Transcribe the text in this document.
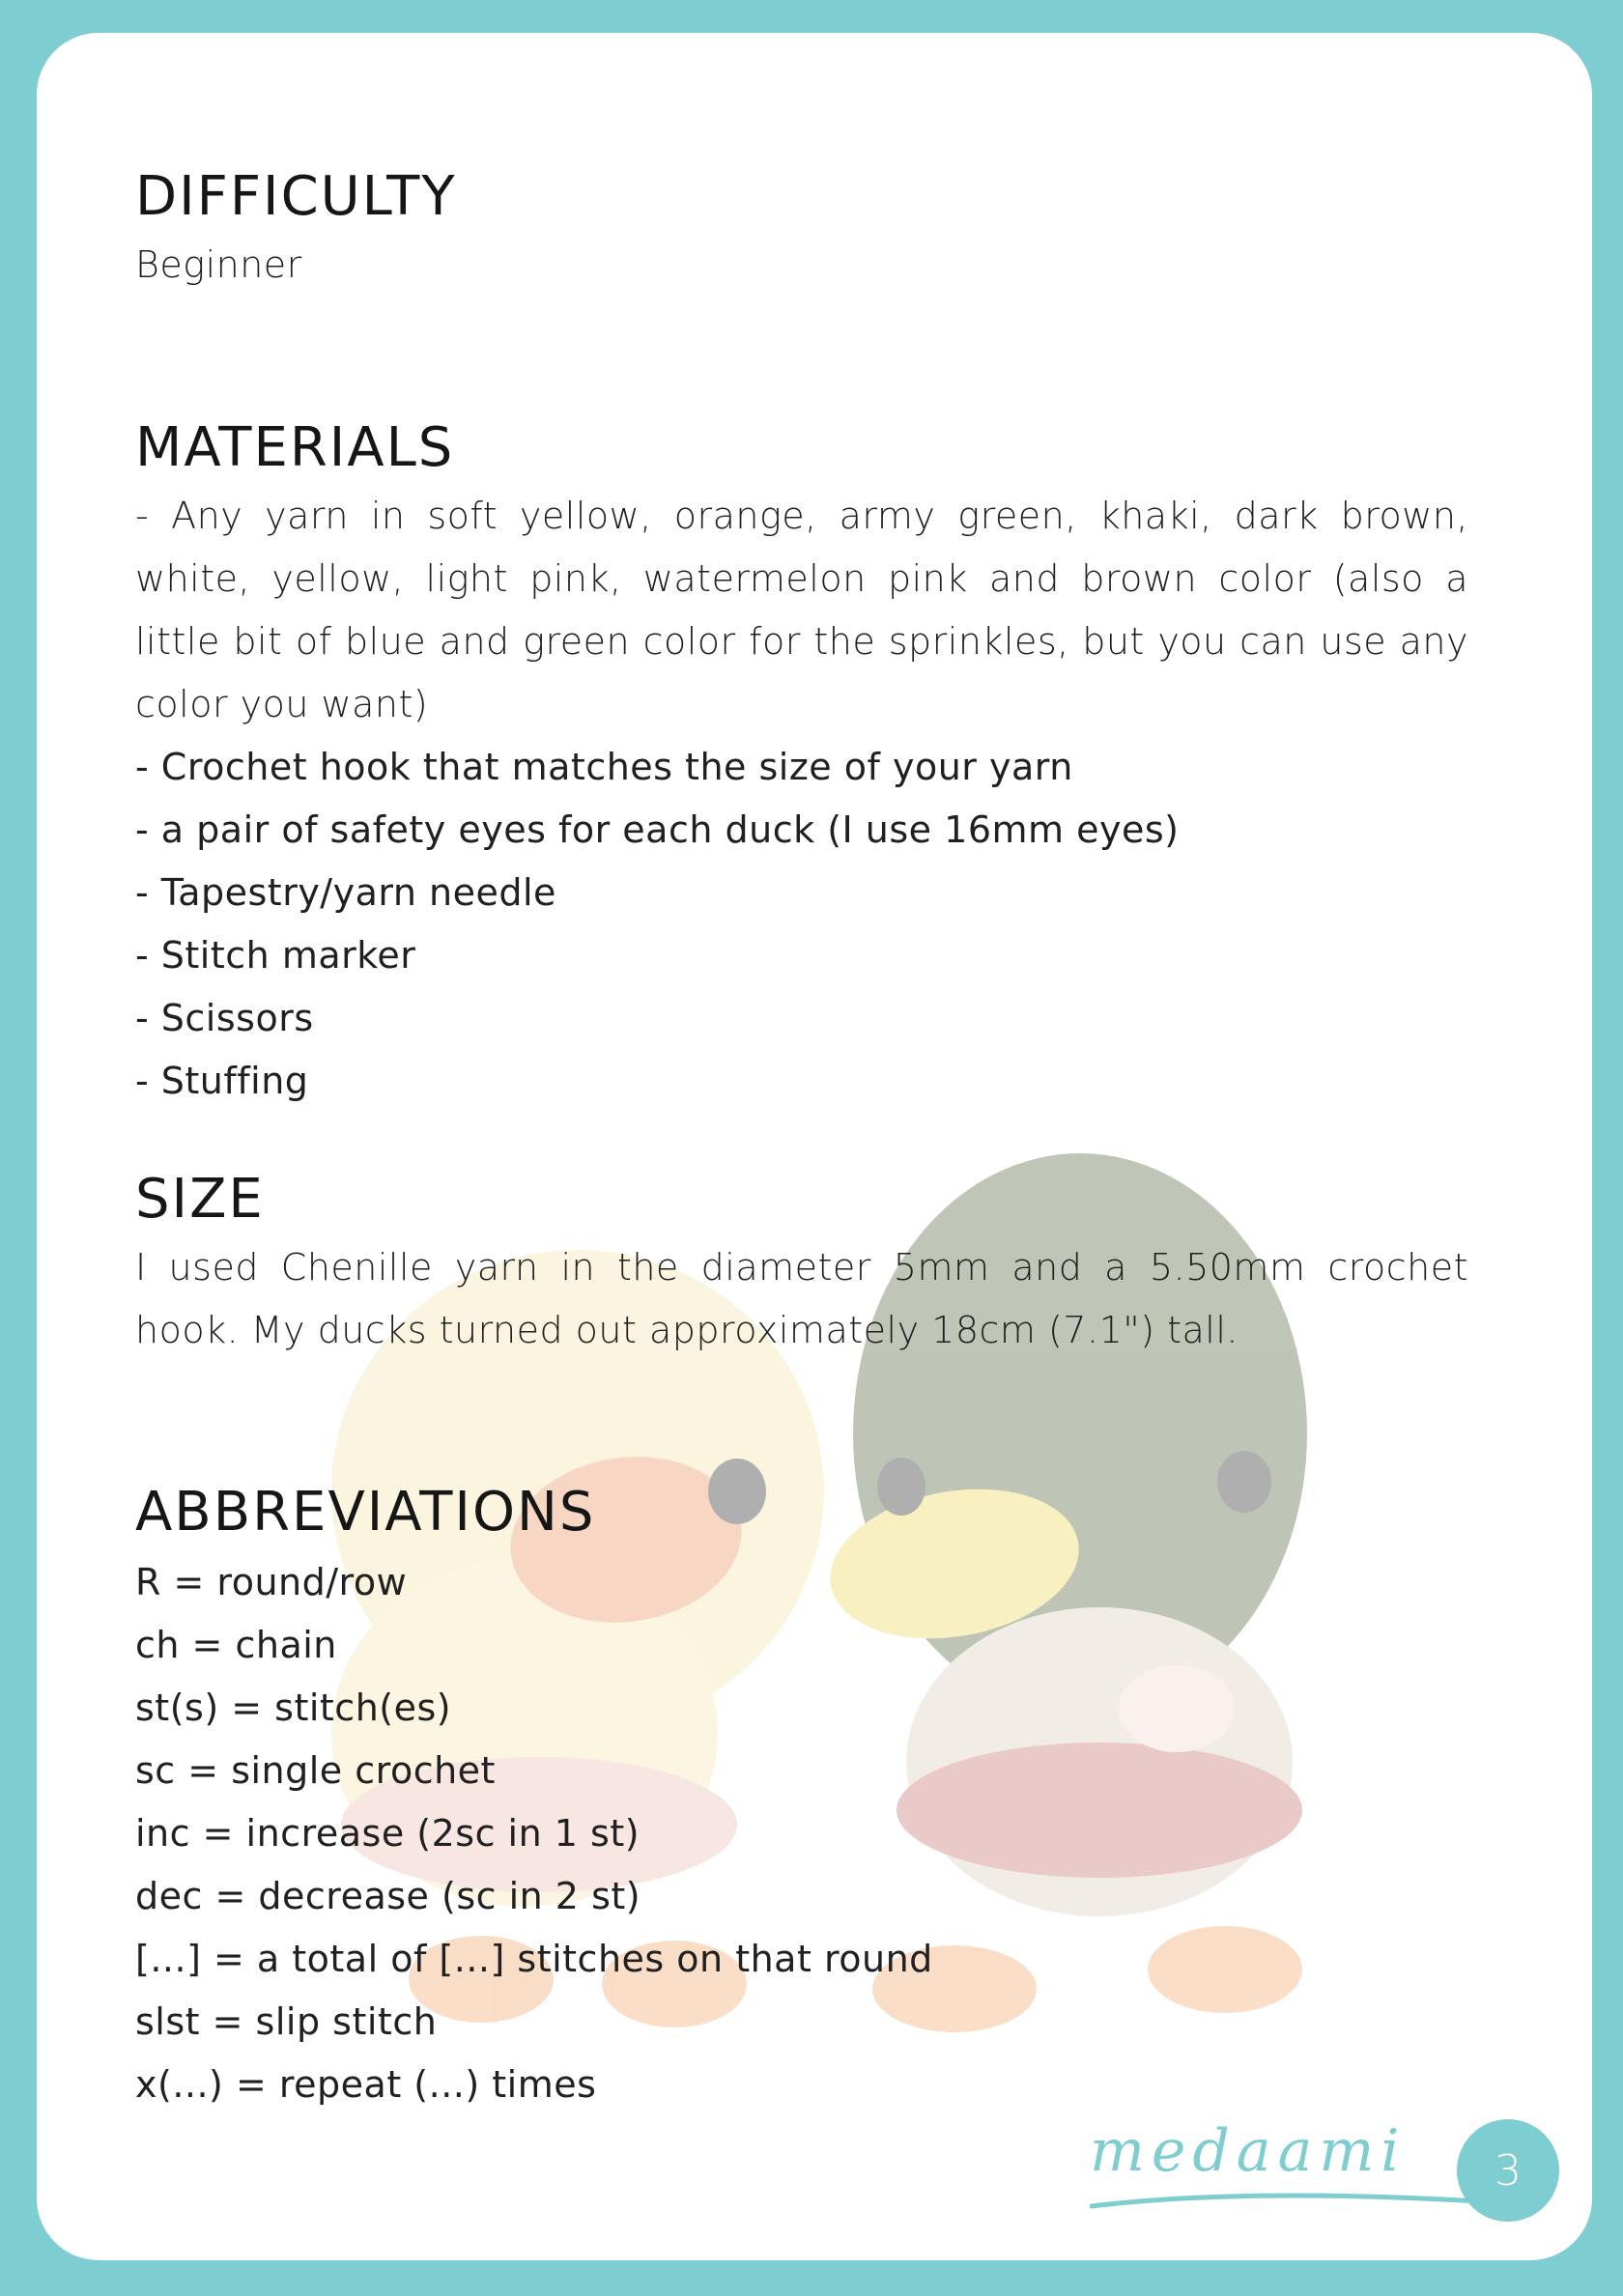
DIFFICULTY

Beginner

MATERIALS

- Any yarn in soft yellow, orange, army green, khaki, dark brown, white, yellow, light pink, watermelon pink and brown color (also a little bit of blue and green color for the sprinkles, but you can use any color you want)

- Crochet hook that matches the size of your yarn
- a pair of safety eyes for each duck (I use 16mm eyes)
- Tapestry/yarn needle
- Stitch marker
- Scissors
- Stuffing
SIZE

I used Chenille yarn in the diameter 5mm and a 5.50mm crochet hook. My ducks turned out approximately 18cm (7.1") tall.

ABBREVIATIONS
R = round/row
ch = chain
st(s) = stitch(es)
sc = single crochet
inc = increase (2sc in 1 st)
dec = decrease (sc in 2 st)
[...] = a total of [...] stitches on that round
slst = slip stitch
x(...) = repeat (...) times
medaami	3
